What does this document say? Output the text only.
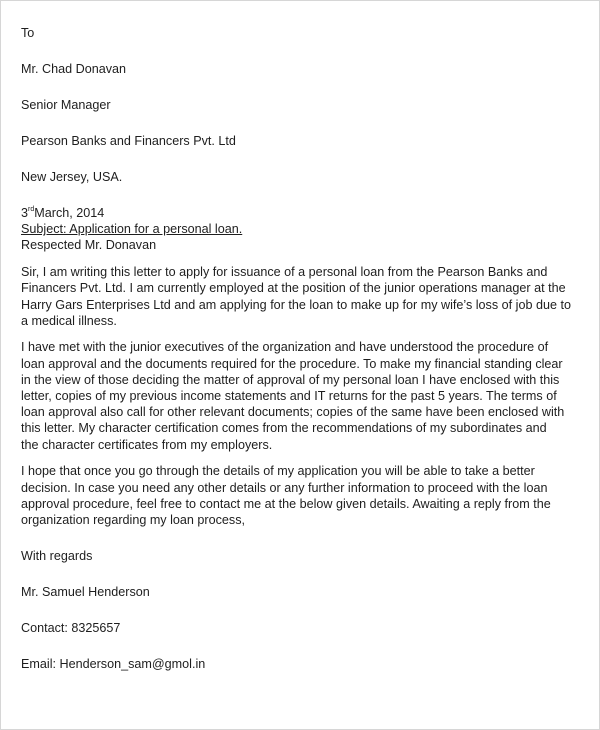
To
Mr. Chad Donavan
Senior Manager
Pearson Banks and Financers Pvt. Ltd
New Jersey, USA.
3rdMarch, 2014
Subject: Application for a personal loan.
Respected Mr. Donavan
Sir, I am writing this letter to apply for issuance of a personal loan from the Pearson Banks and
Financers Pvt. Ltd. I am currently employed at the position of the junior operations manager at the
Harry Gars Enterprises Ltd and am applying for the loan to make up for my wife’s loss of job due to
a medical illness.
I have met with the junior executives of the organization and have understood the procedure of
loan approval and the documents required for the procedure. To make my financial standing clear
in the view of those deciding the matter of approval of my personal loan I have enclosed with this
letter, copies of my previous income statements and IT returns for the past 5 years. The terms of
loan approval also call for other relevant documents; copies of the same have been enclosed with
this letter. My character certification comes from the recommendations of my subordinates and
the character certificates from my employers.
I hope that once you go through the details of my application you will be able to take a better
decision. In case you need any other details or any further information to proceed with the loan
approval procedure, feel free to contact me at the below given details. Awaiting a reply from the
organization regarding my loan process,
With regards
Mr. Samuel Henderson
Contact: 8325657
Email: Henderson_sam@gmol.in
